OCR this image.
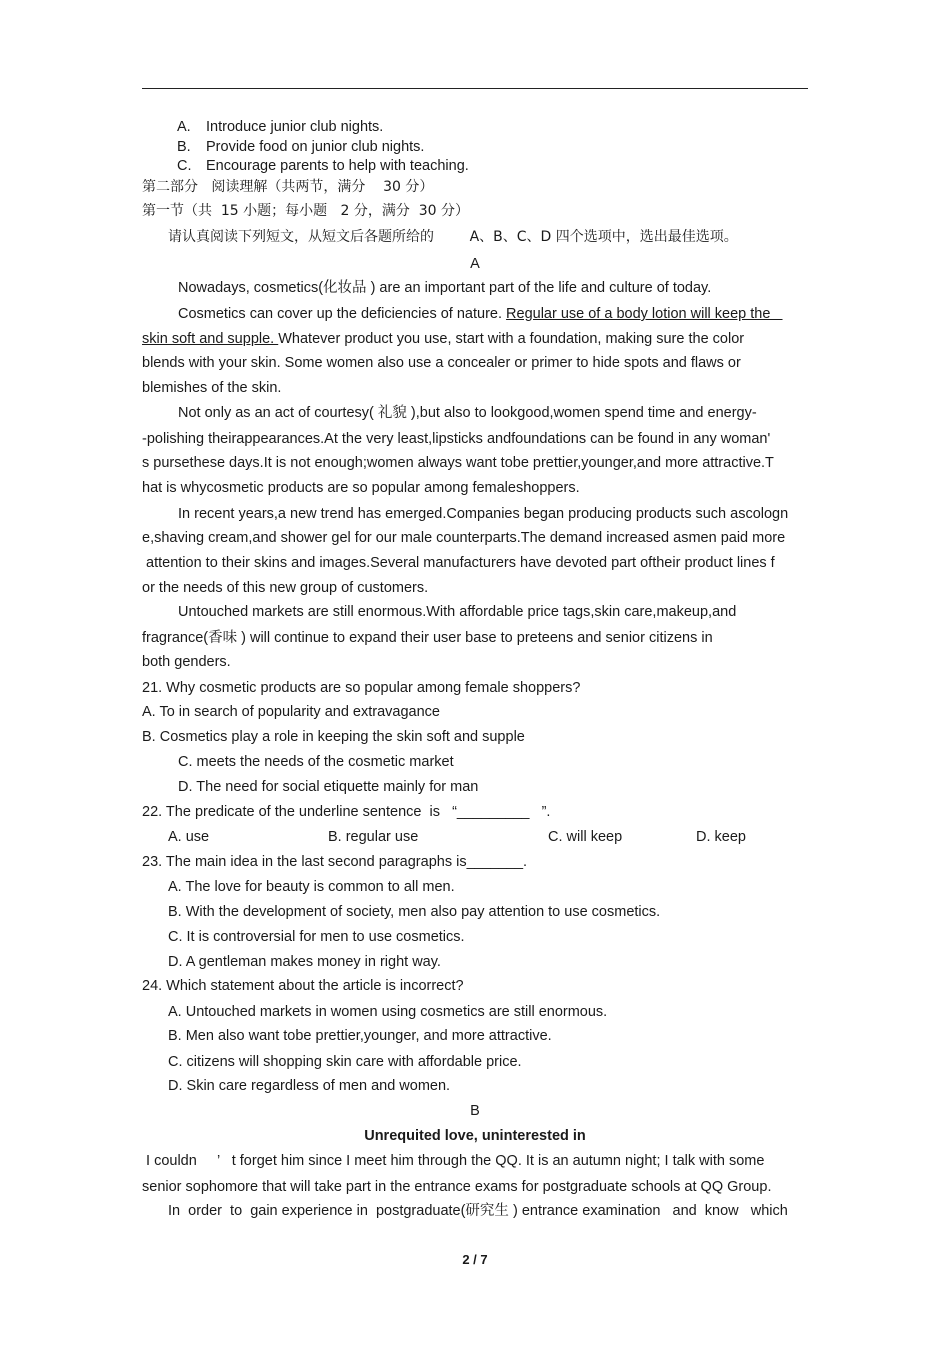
A. Introduce junior club nights.
B. Provide food on junior club nights.
C. Encourage parents to help with teaching.
第二部分   阅读理解（共两节，满分    30 分）
第一节（共  15 小题；每小题   2 分，满分  30 分）
请认真阅读下列短文，从短文后各题所给的        A、B、C、D 四个选项中，选出最佳选项。
A
Nowadays, cosmetics(化妆品 ) are an important part of the life and culture of today.
Cosmetics can cover up the deficiencies of nature. Regular use of a body lotion will keep the
skin soft and supple. Whatever product you use, start with a foundation, making sure the color
blends with your skin. Some women also use a concealer or primer to hide spots and flaws or
blemishes of the skin.
Not only as an act of courtesy( 礼貌 ),but also to lookgood,women spend time and energy-
-polishing theirappearances.At the very least,lipsticks andfoundations can be found in any woman'
s pursethese days.It is not enough;women always want tobe prettier,younger,and more attractive.T
hat is whycosmetic products are so popular among femaleshoppers.
In recent years,a new trend has emerged.Companies began producing products such ascologn
e,shaving cream,and shower gel for our male counterparts.The demand increased asmen paid more
attention to their skins and images.Several manufacturers have devoted part oftheir product lines f
or the needs of this new group of customers.
Untouched markets are still enormous.With affordable price tags,skin care,makeup,and
fragrance(香味 ) will continue to expand their user base to preteens and senior citizens in
both genders.
21. Why cosmetic products are so popular among female shoppers?
A. To in search of popularity and extravagance
B. Cosmetics play a role in keeping the skin soft and supple
C. meets the needs of the cosmetic market
D. The need for social etiquette mainly for man
22. The predicate of the underline sentence  is   “_________   ”.
A. use	B. regular use	C. will keep	D. keep
23. The main idea in the last second paragraphs is_______.
A. The love for beauty is common to all men.
B. With the development of society, men also pay attention to use cosmetics.
C. It is controversial for men to use cosmetics.
D. A gentleman makes money in right way.
24. Which statement about the article is incorrect?
A. Untouched markets in women using cosmetics are still enormous.
B. Men also want tobe prettier,younger, and more attractive.
C. citizens will shopping skin care with affordable price.
D. Skin care regardless of men and women.
B
Unrequited love, uninterested in
I couldn     ’   t forget him since I meet him through the QQ. It is an autumn night; I talk with some
senior sophomore that will take part in the entrance exams for postgraduate schools at QQ Group.
In  order  to  gain experience in  postgraduate(研究生 ) entrance examination   and  know   which
2 / 7
